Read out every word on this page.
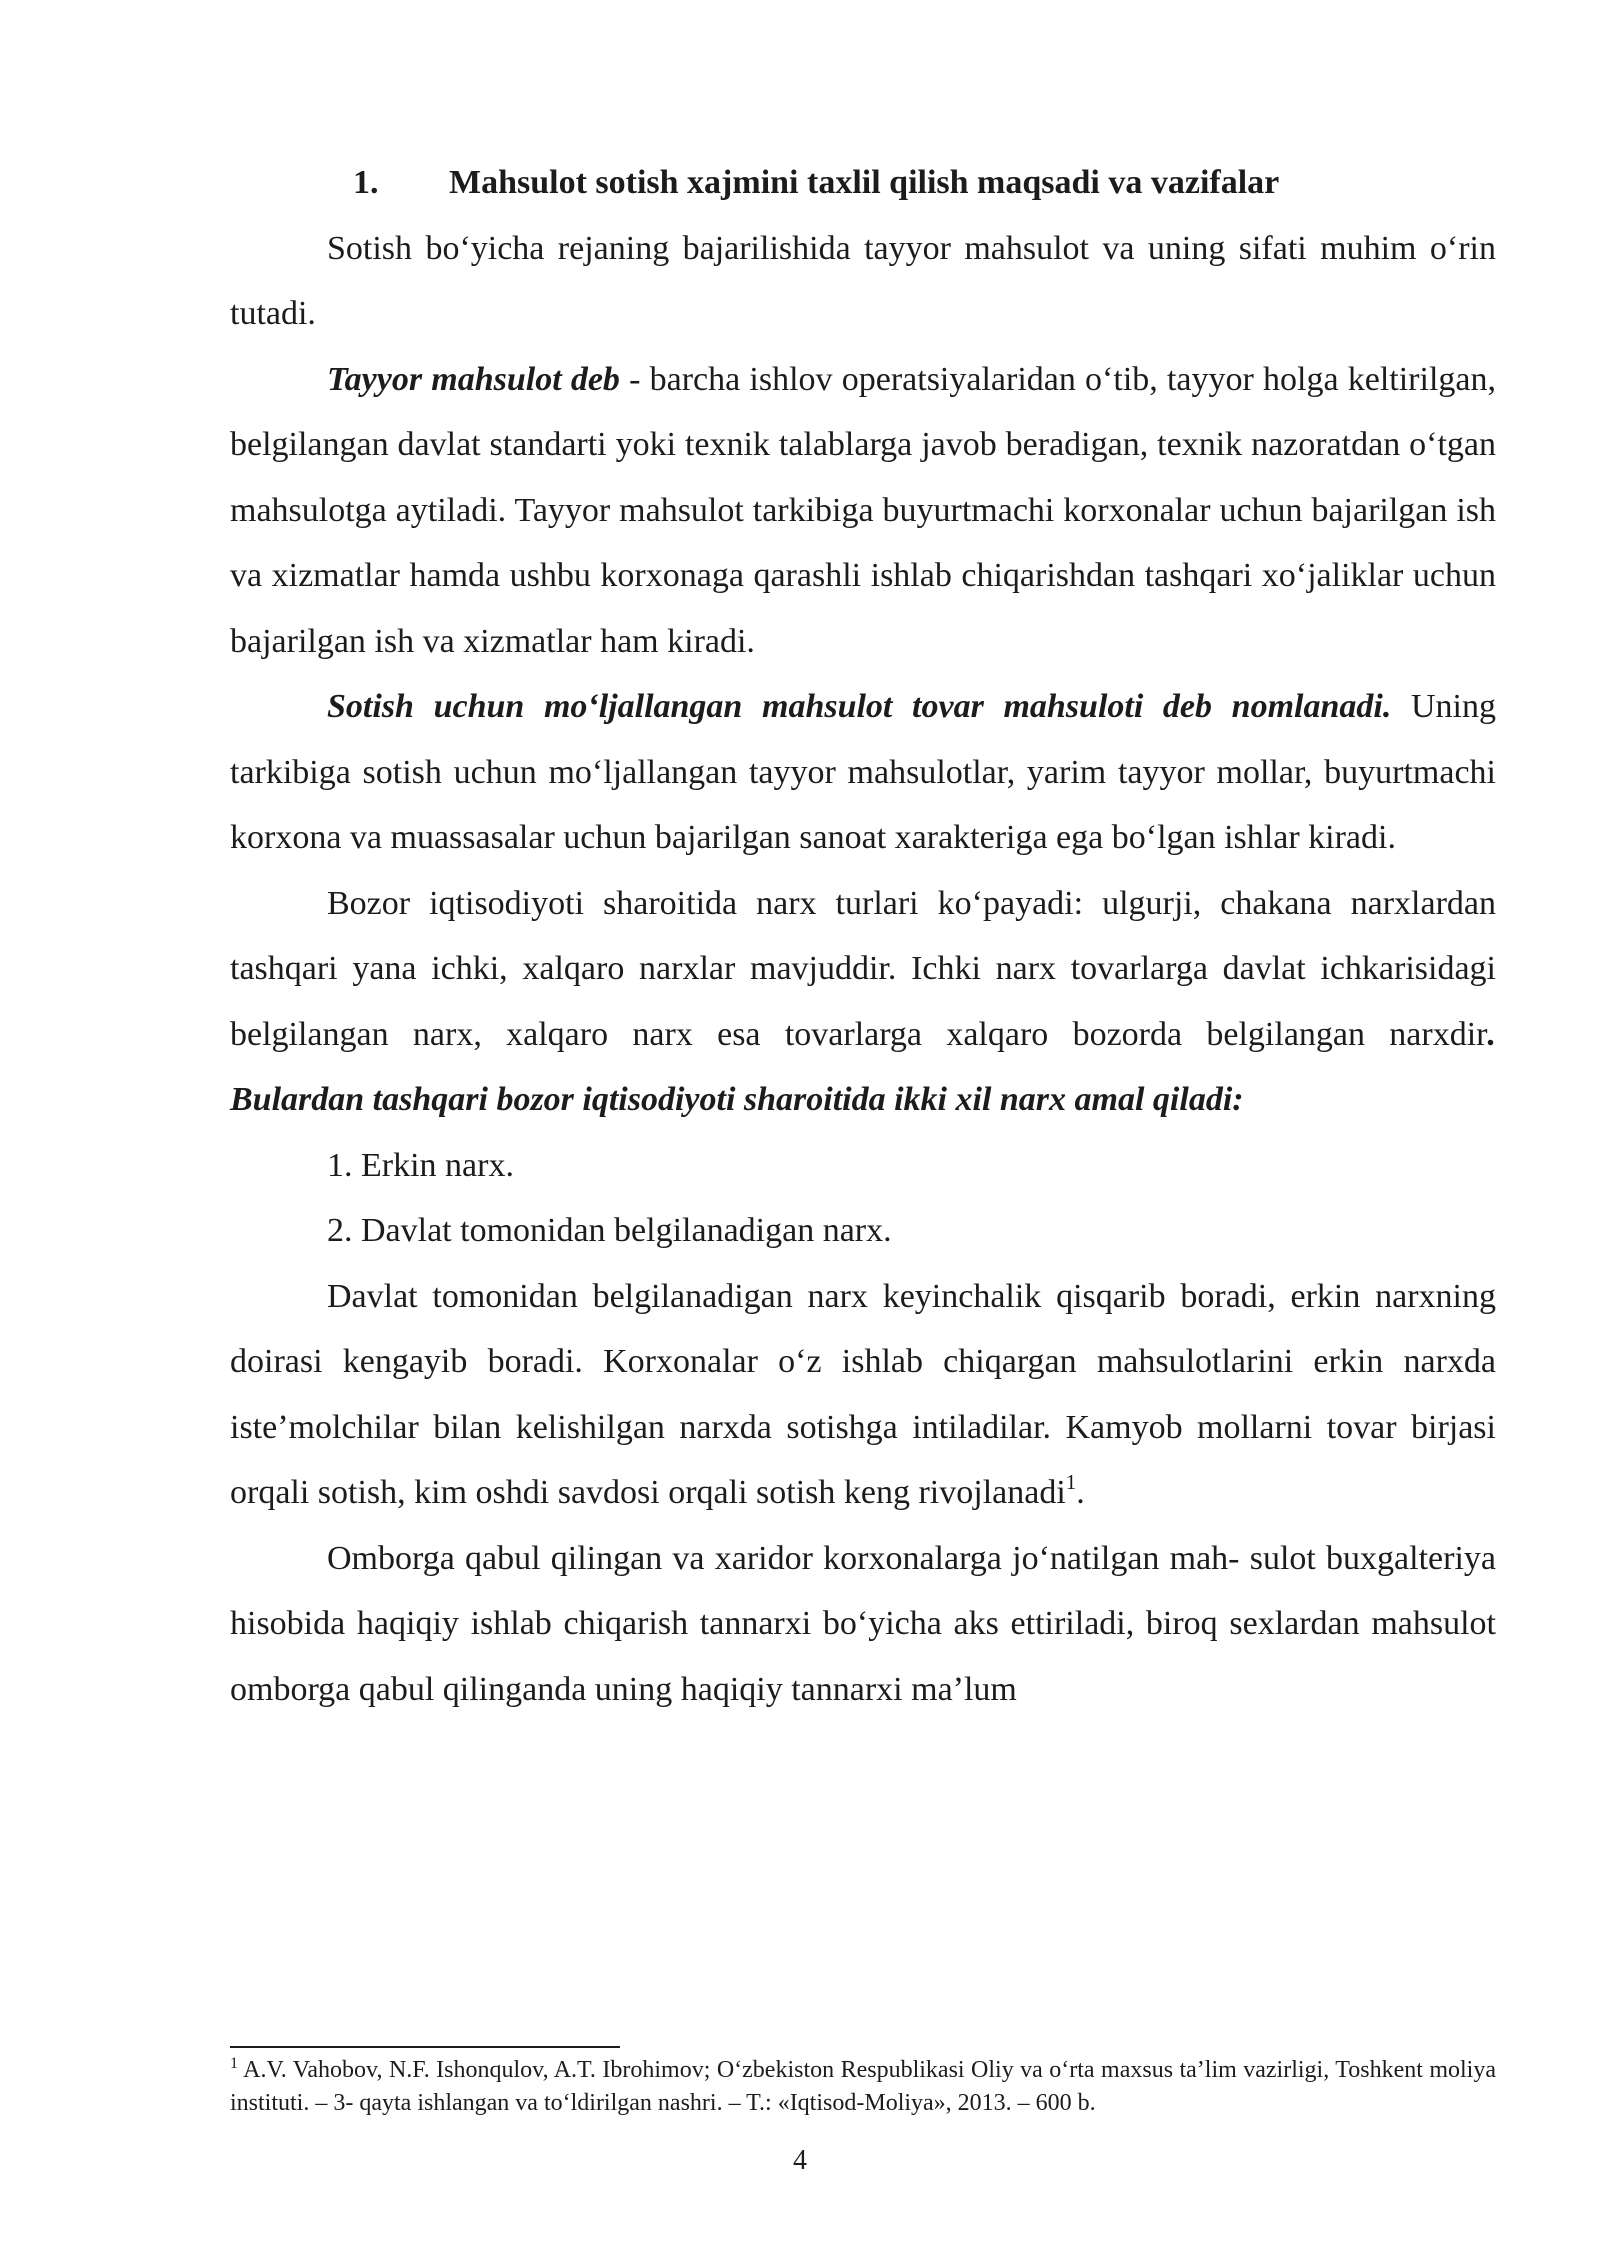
1. Mahsulot sotish xajmini taxlil qilish maqsadi va vazifalar

Sotish boʻyicha rejaning bajarilishida tayyor mahsulot va uning sifati muhim oʻrin tutadi.

Tayyor mahsulot deb - barcha ishlov operatsiyalaridan oʻtib, tayyor holga keltirilgan, belgilangan davlat standarti yoki texnik talablarga javob beradigan, texnik nazoratdan oʻtgan mahsulotga aytiladi. Tayyor mahsulot tarkibiga buyurtmachi korxonalar uchun bajarilgan ish va xizmatlar hamda ushbu korxonaga qarashli ishlab chiqarishdan tashqari xoʻjaliklar uchun bajarilgan ish va xizmatlar ham kiradi.

Sotish uchun moʻljallangan mahsulot tovar mahsuloti deb nomlanadi. Uning tarkibiga sotish uchun moʻljallangan tayyor mahsulotlar, yarim tayyor mollar, buyurtmachi korxona va muassasalar uchun bajarilgan sanoat xarakteriga ega boʻlgan ishlar kiradi.

Bozor iqtisodiyoti sharoitida narx turlari koʻpayadi: ulgurji, chakana narxlardan tashqari yana ichki, xalqaro narxlar mavjuddir. Ichki narx tovarlarga davlat ichkarisidagi belgilangan narx, xalqaro narx esa tovarlarga xalqaro bozorda belgilangan narxdir. Bulardan tashqari bozor iqtisodiyoti sharoitida ikki xil narx amal qiladi:

1. Erkin narx.
2. Davlat tomonidan belgilanadigan narx.

Davlat tomonidan belgilanadigan narx keyinchalik qisqarib boradi, erkin narxning doirasi kengayib boradi. Korxonalar oʻz ishlab chiqargan mahsulotlarini erkin narxda isteʼmolchilar bilan kelishilgan narxda sotishga intiladilar. Kamyob mollarni tovar birjasi orqali sotish, kim oshdi savdosi orqali sotish keng rivojlanadi$^1$.

Omborga qabul qilingan va xaridor korxonalarga joʻnatilgan mah- sulot buxgalteriya hisobida haqiqiy ishlab chiqarish tannarxi boʻyicha aks ettiriladi, biroq sexlardan mahsulot omborga qabul qilinganda uning haqiqiy tannarxi maʼlum

$^1$ A.V. Vahobov, N.F. Ishonqulov, A.T. Ibrohimov; Oʻzbekiston Respublikasi Oliy va oʻrta maxsus taʼlim vazirligi, Toshkent moliya instituti. – 3- qayta ishlangan va toʻldirilgan nashri. – T.: «Iqtisod-Moliya», 2013. – 600 b.
4
